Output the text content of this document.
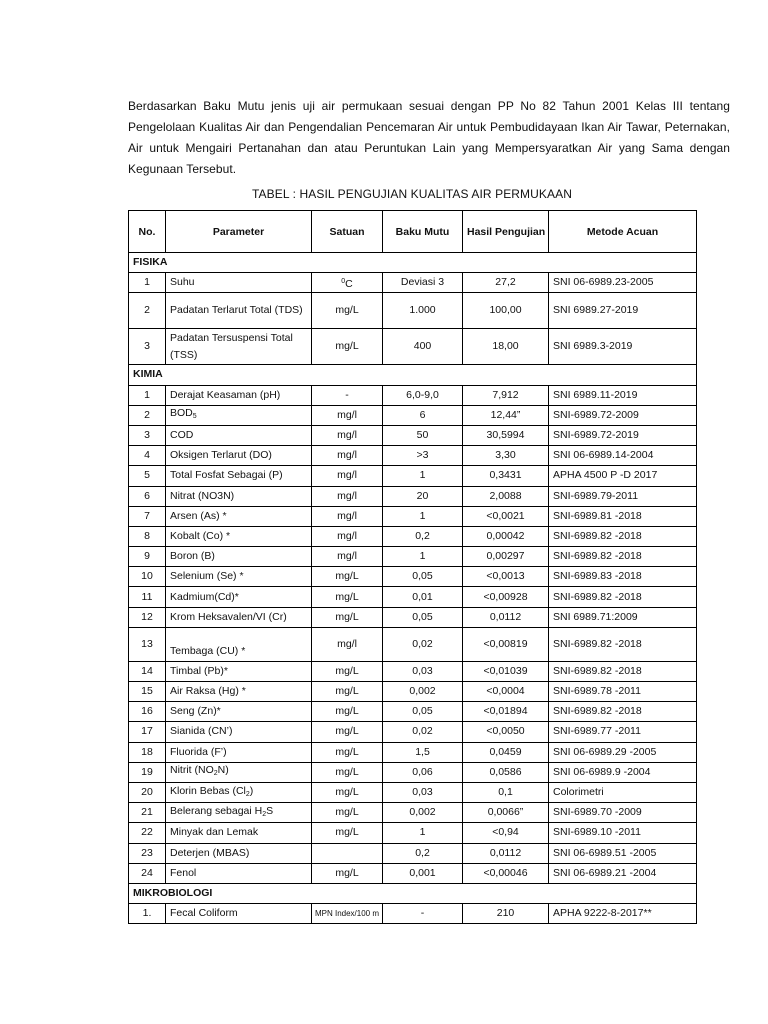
Berdasarkan Baku Mutu jenis uji air permukaan sesuai dengan PP No 82 Tahun 2001 Kelas III tentang Pengelolaan Kualitas Air dan Pengendalian Pencemaran Air untuk Pembudidayaan Ikan Air Tawar, Peternakan, Air untuk Mengairi Pertanahan dan atau Peruntukan Lain yang Mempersyaratkan Air yang Sama dengan Kegunaan Tersebut.

TABEL : HASIL PENGUJIAN KUALITAS AIR PERMUKAAN
No.	Parameter	Satuan	Baku Mutu	Hasil Pengujian	Metode Acuan
FISIKA					
1	Suhu	$^0$C	Deviasi 3	27,2	SNI 06-6989.23-2005
2	Padatan Terlarut Total (TDS)	mg/L	1.000	100,00	SNI 6989.27-2019
3	Padatan Tersuspensi Total (TSS)	mg/L	400	18,00	SNI 6989.3-2019
KIMIA					
1	Derajat Keasaman (pH)	-	6,0-9,0	7,912	SNI 6989.11-2019
2	$BOD_5$	mg/l	6	12,44”	SNI-6989.72-2009
3	COD	mg/l	50	30,5994	SNI-6989.72-2019
4	Oksigen Terlarut (DO)	mg/l	>3	3,30	SNI 06-6989.14-2004
5	Total Fosfat Sebagai (P)	mg/l	1	0,3431	APHA 4500 P -D 2017
6	Nitrat (NO3N)	mg/l	20	2,0088	SNI-6989.79-2011
7	Arsen (As) *	mg/l	1	<0,0021	SNI-6989.81 -2018
8	Kobalt (Co) *	mg/l	0,2	0,00042	SNI-6989.82 -2018
9	Boron (B)	mg/l	1	0,00297	SNI-6989.82 -2018
10	Selenium (Se) *	mg/L	0,05	<0,0013	SNI-6989.83 -2018
11	Kadmium(Cd)*	mg/L	0,01	<0,00928	SNI-6989.82 -2018
12	Krom Heksavalen/VI (Cr)	mg/L	0,05	0,0112	SNI 6989.71:2009
13	Tembaga (CU) *	mg/l	0,02	<0,00819	SNI-6989.82 -2018
14	Timbal (Pb)*	mg/L	0,03	<0,01039	SNI-6989.82 -2018
15	Air Raksa (Hg) *	mg/L	0,002	<0,0004	SNI-6989.78 -2011
16	Seng (Zn)*	mg/L	0,05	<0,01894	SNI-6989.82 -2018
17	Sianida (CN’)	mg/L	0,02	<0,0050	SNI-6989.77 -2011
18	Fluorida (F’)	mg/L	1,5	0,0459	SNI 06-6989.29 -2005
19	Nitrit $(NO_2N)$	mg/L	0,06	0,0586	SNI 06-6989.9 -2004
20	Klorin Bebas $(Cl_2)$	mg/L	0,03	0,1	Colorimetri
21	Belerang sebagai $H_2S$	mg/L	0,002	0,0066”	SNI-6989.70 -2009
22	Minyak dan Lemak	mg/L	1	<0,94	SNI-6989.10 -2011
23	Deterjen (MBAS)		0,2	0,0112	SNI 06-6989.51 -2005
24	Fenol	mg/L	0,001	<0,00046	SNI 06-6989.21 -2004
MIKROBIOLOGI					
1.	Fecal Coliform	MPN Index/100 m	-	210	APHA 9222-8-2017**
